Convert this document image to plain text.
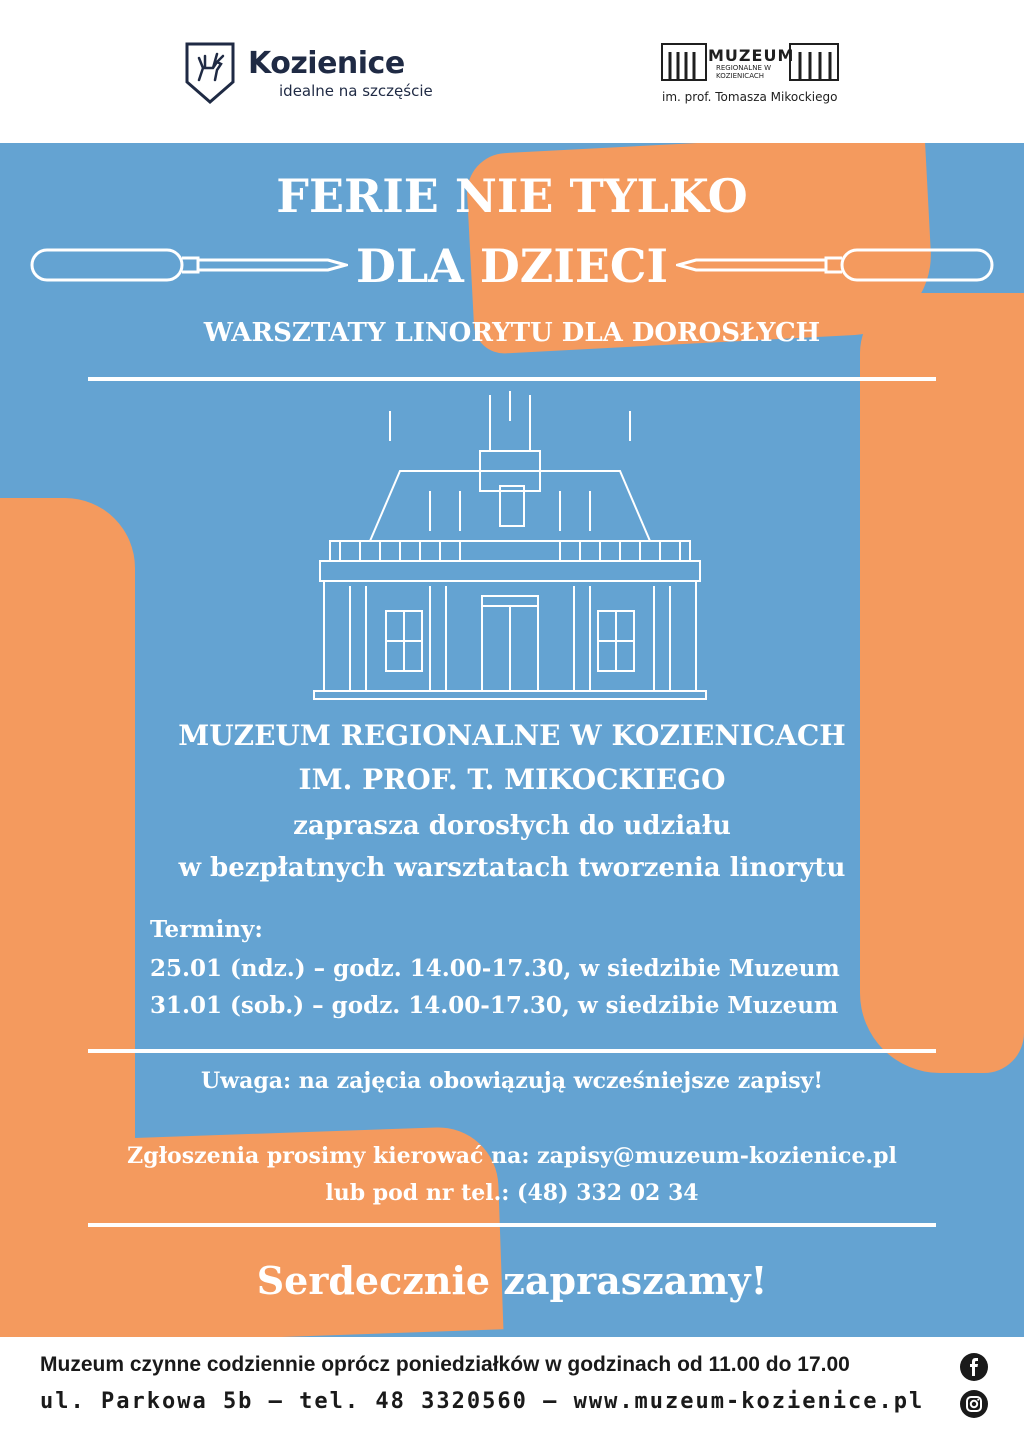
Kozienice
idealne na szczęście
MUZEUM
REGIONALNE W KOZIENICACH
im. prof. Tomasza Mikockiego
FERIE NIE TYLKO
DLA DZIECI
WARSZTATY LINORYTU DLA DOROSŁYCH
MUZEUM REGIONALNE W KOZIENICACH
IM. PROF. T. MIKOCKIEGO
zaprasza dorosłych do udziału
w bezpłatnych warsztatach tworzenia linorytu
Terminy:
25.01 (ndz.) – godz. 14.00-17.30, w siedzibie Muzeum
31.01 (sob.) – godz. 14.00-17.30, w siedzibie Muzeum
Uwaga: na zajęcia obowiązują wcześniejsze zapisy!
Zgłoszenia prosimy kierować na: zapisy@muzeum-kozienice.pl
lub pod nr tel.: (48) 332 02 34
Serdecznie zapraszamy!
Muzeum czynne codziennie oprócz poniedziałków w godzinach od 11.00 do 17.00
ul. Parkowa 5b – tel. 48 3320560 – www.muzeum-kozienice.pl
